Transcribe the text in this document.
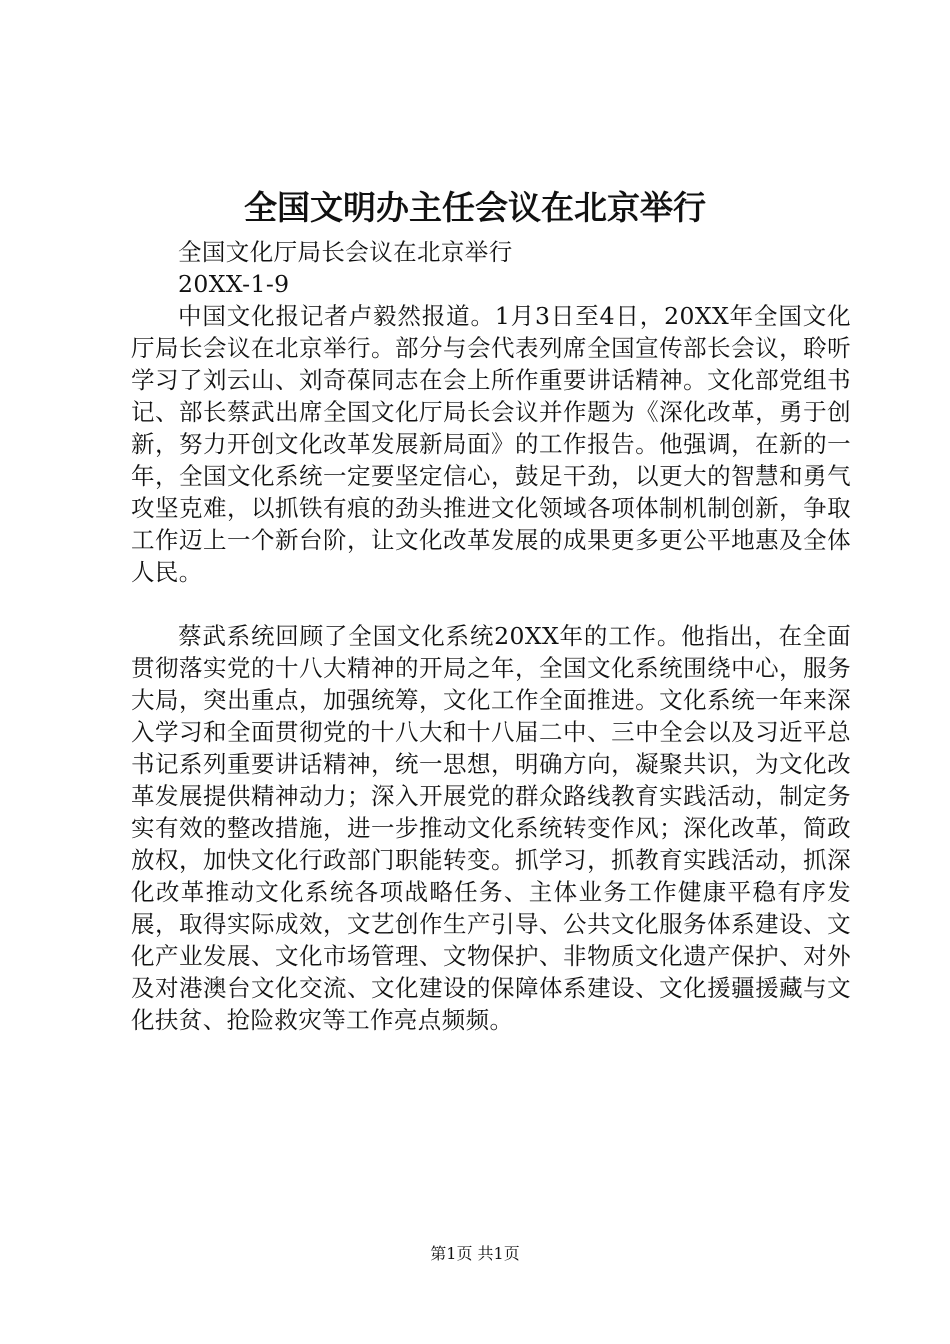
全国文明办主任会议在北京举行

全国文化厅局长会议在北京举行

20XX-1-9

中国文化报记者卢毅然报道。1月3日至4日，20XX年全国文化厅局长会议在北京举行。部分与会代表列席全国宣传部长会议，聆听学习了刘云山、刘奇葆同志在会上所作重要讲话精神。文化部党组书记、部长蔡武出席全国文化厅局长会议并作题为《深化改革，勇于创新，努力开创文化改革发展新局面》的工作报告。他强调，在新的一年，全国文化系统一定要坚定信心，鼓足干劲，以更大的智慧和勇气攻坚克难，以抓铁有痕的劲头推进文化领域各项体制机制创新，争取工作迈上一个新台阶，让文化改革发展的成果更多更公平地惠及全体人民。

蔡武系统回顾了全国文化系统20XX年的工作。他指出，在全面贯彻落实党的十八大精神的开局之年，全国文化系统围绕中心，服务大局，突出重点，加强统筹，文化工作全面推进。文化系统一年来深入学习和全面贯彻党的十八大和十八届二中、三中全会以及习近平总书记系列重要讲话精神，统一思想，明确方向，凝聚共识，为文化改革发展提供精神动力；深入开展党的群众路线教育实践活动，制定务实有效的整改措施，进一步推动文化系统转变作风；深化改革，简政放权，加快文化行政部门职能转变。抓学习，抓教育实践活动，抓深化改革推动文化系统各项战略任务、主体业务工作健康平稳有序发展，取得实际成效，文艺创作生产引导、公共文化服务体系建设、文化产业发展、文化市场管理、文物保护、非物质文化遗产保护、对外及对港澳台文化交流、文化建设的保障体系建设、文化援疆援藏与文化扶贫、抢险救灾等工作亮点频频。

第1页 共1页
